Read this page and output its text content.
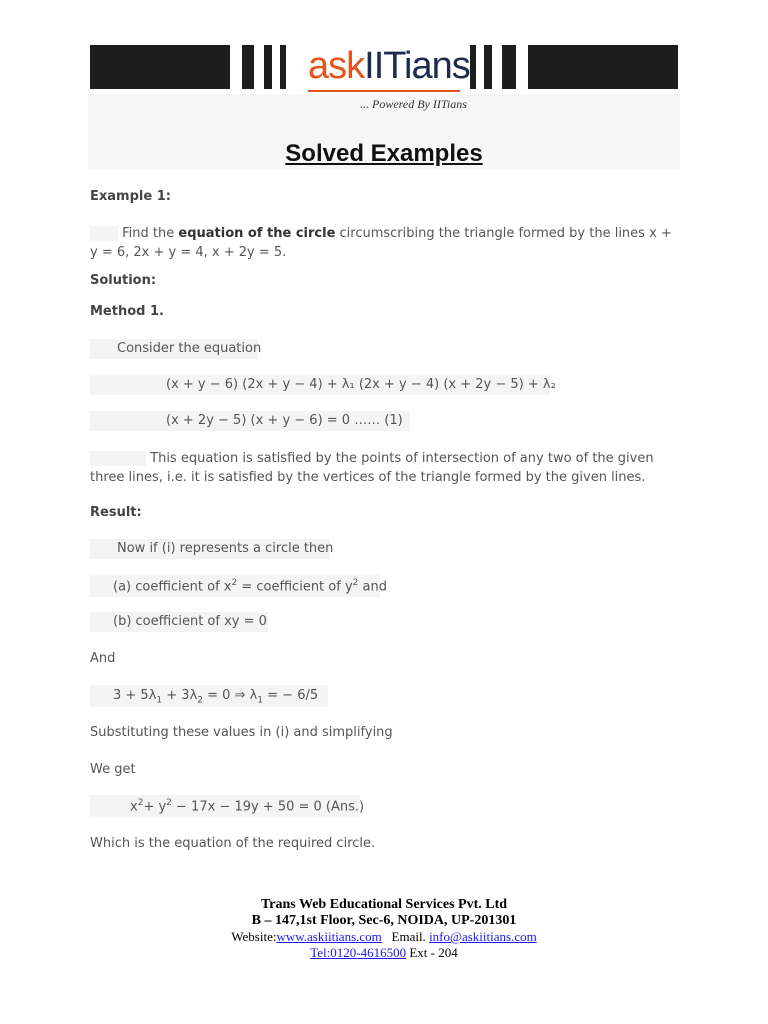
askIITians
... Powered By IITians
Solved Examples
Example 1:
Find the equation of the circle circumscribing the triangle formed by the lines x + y = 6, 2x + y = 4, x + 2y = 5.
Solution:
Method 1.
Consider the equation
(x + y − 6) (2x + y − 4) + λ₁ (2x + y − 4) (x + 2y − 5) + λ₂
(x + 2y − 5) (x + y − 6) = 0 …… (1)
This equation is satisfied by the points of intersection of any two of the given three lines, i.e. it is satisfied by the vertices of the triangle formed by the given lines.
Result:
Now if (i) represents a circle then
(a) coefficient of $x^2$ = coefficient of $y^2$ and
(b) coefficient of xy = 0
And
$3 + 5\lambda_1 + 3\lambda_2 = 0$ ⇒ $\lambda_1$ = − 6/5
Substituting these values in (i) and simplifying
We get
$x^2+ y^2 - 17x - 19y + 50 = 0$ (Ans.)
Which is the equation of the required circle.
Trans Web Educational Services Pvt. Ltd
B – 147,1st Floor, Sec-6, NOIDA, UP-201301
Website:www.askiitians.com Email. info@askiitians.com
Tel:0120-4616500 Ext - 204
